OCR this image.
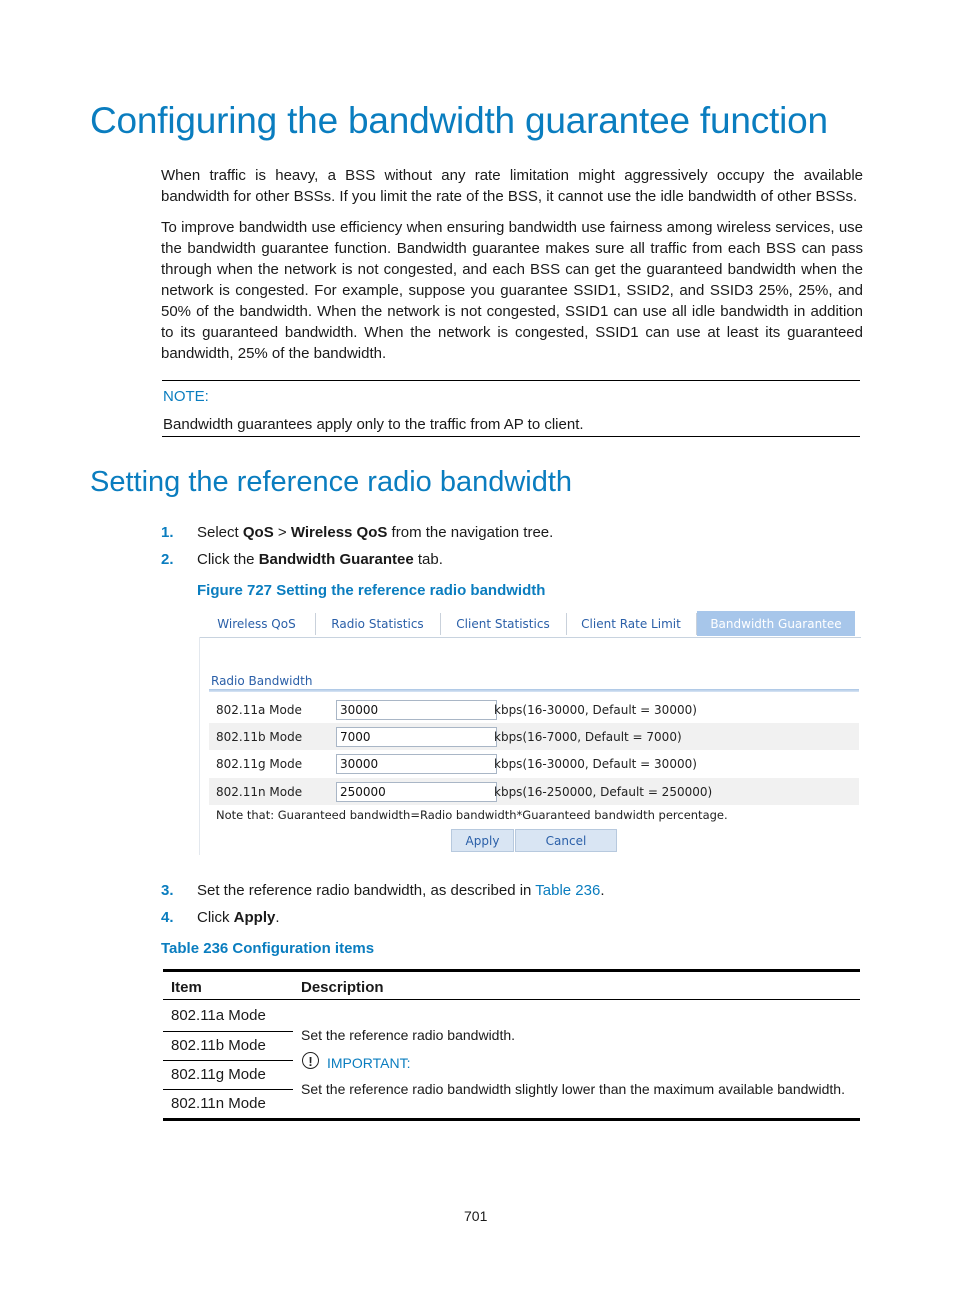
Configuring the bandwidth guarantee function

When traffic is heavy, a BSS without any rate limitation might aggressively occupy the available bandwidth for other BSSs. If you limit the rate of the BSS, it cannot use the idle bandwidth of other BSSs.

To improve bandwidth use efficiency when ensuring bandwidth use fairness among wireless services, use the bandwidth guarantee function. Bandwidth guarantee makes sure all traffic from each BSS can pass through when the network is not congested, and each BSS can get the guaranteed bandwidth when the network is congested. For example, suppose you guarantee SSID1, SSID2, and SSID3 25%, 25%, and 50% of the bandwidth. When the network is not congested, SSID1 can use all idle bandwidth in addition to its guaranteed bandwidth. When the network is congested, SSID1 can use at least its guaranteed bandwidth, 25% of the bandwidth.

NOTE:
Bandwidth guarantees apply only to the traffic from AP to client.
Setting the reference radio bandwidth
1. Select QoS > Wireless QoS from the navigation tree.
2. Click the Bandwidth Guarantee tab.
Figure 727 Setting the reference radio bandwidth
Wireless QoS	Radio Statistics	Client Statistics	Client Rate Limit	Bandwidth Guarantee
Radio Bandwidth
802.11a Mode	30000	kbps(16-30000, Default = 30000)
802.11b Mode	7000	kbps(16-7000, Default = 7000)
802.11g Mode	30000	kbps(16-30000, Default = 30000)
802.11n Mode	250000	kbps(16-250000, Default = 250000)
Note that: Guaranteed bandwidth=Radio bandwidth*Guaranteed bandwidth percentage.
Apply	Cancel
3. Set the reference radio bandwidth, as described in Table 236.
4. Click Apply.
Table 236 Configuration items
Item	Description
802.11a Mode
802.11b Mode
802.11g Mode
802.11n Mode
Set the reference radio bandwidth.
!	IMPORTANT:
Set the reference radio bandwidth slightly lower than the maximum available bandwidth.
701
